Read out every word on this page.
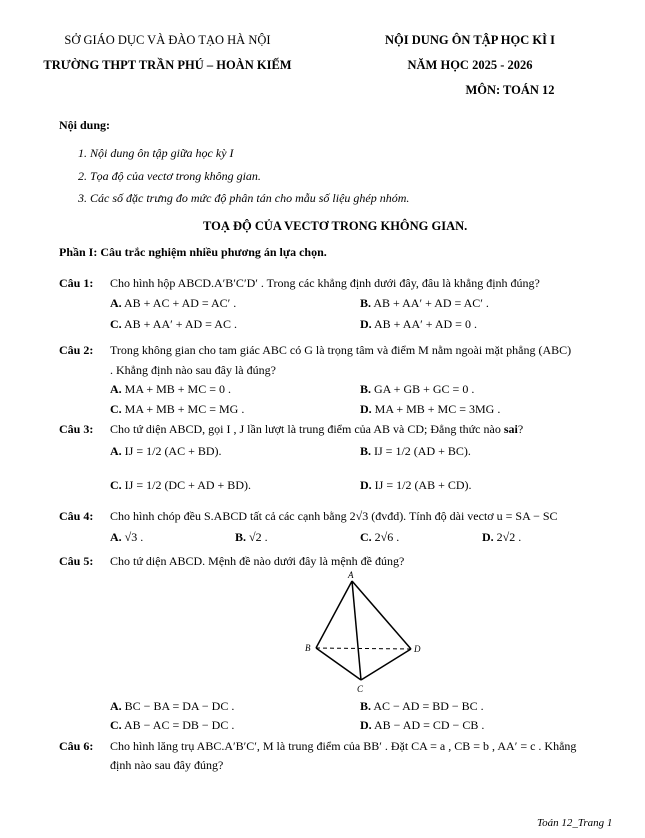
SỞ GIÁO DỤC VÀ ĐÀO TẠO HÀ NỘI
TRƯỜNG THPT TRẦN PHÚ – HOÀN KIẾM
NỘI DUNG ÔN TẬP HỌC KÌ I
NĂM HỌC 2025 - 2026
MÔN: TOÁN 12
Nội dung:
1. Nội dung ôn tập giữa học kỳ I
2. Tọa độ của vectơ trong không gian.
3. Các số đặc trưng đo mức độ phân tán cho mẫu số liệu ghép nhóm.
TOẠ ĐỘ CỦA VECTƠ TRONG KHÔNG GIAN.
Phần I: Câu trắc nghiệm nhiều phương án lựa chọn.
Câu 1: Cho hình hộp ABCD.A′B′C′D′ . Trong các khẳng định dưới đây, đâu là khẳng định đúng?
A. AB + AC + AD = AC′ .	B. AB + AA′ + AD = AC′ .
C. AB + AA′ + AD = AC .	D. AB + AA′ + AD = 0 .
Câu 2: Trong không gian cho tam giác ABC có G là trọng tâm và điểm M nằm ngoài mặt phẳng (ABC)
. Khẳng định nào sau đây là đúng?
A. MA + MB + MC = 0 .	B. GA + GB + GC = 0 .
C. MA + MB + MC = MG .	D. MA + MB + MC = 3MG .
Câu 3: Cho tứ diện ABCD, gọi I , J lần lượt là trung điểm của AB và CD; Đẳng thức nào sai?
A. IJ = 1/2 (AC + BD).	B. IJ = 1/2 (AD + BC).
C. IJ = 1/2 (DC + AD + BD).	D. IJ = 1/2 (AB + CD).
Câu 4: Cho hình chóp đều S.ABCD tất cả các cạnh bằng 2√3 (đvđd). Tính độ dài vectơ u = SA − SC
A. √3 .	B. √2 .	C. 2√6 .	D. 2√2 .
Câu 5: Cho tứ diện ABCD. Mệnh đề nào dưới đây là mệnh đề đúng?
A
B	D
C
A. BC − BA = DA − DC .	B. AC − AD = BD − BC .
C. AB − AC = DB − DC .	D. AB − AD = CD − CB .
Câu 6: Cho hình lăng trụ ABC.A′B′C′, M là trung điểm của BB′ . Đặt CA = a , CB = b , AA′ = c . Khẳng
định nào sau đây đúng?
Toán 12_Trang 1
